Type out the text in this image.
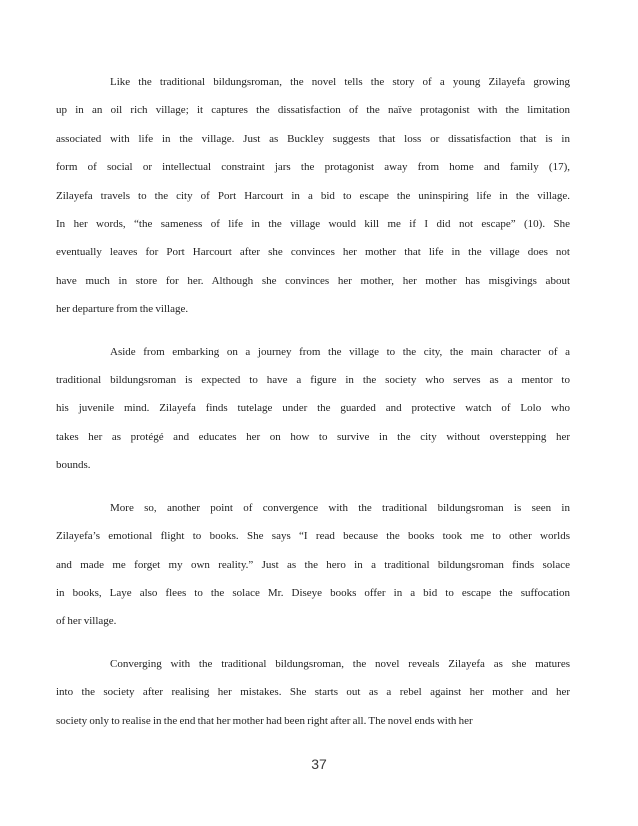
Like the traditional bildungsroman, the novel tells the story of a young Zilayefa growing
up in an oil rich village; it captures the dissatisfaction of the naïve protagonist with the limitation
associated with life in the village. Just as Buckley suggests that loss or dissatisfaction that is in
form of social or intellectual constraint jars the protagonist away from home and family (17),
Zilayefa travels to the city of Port Harcourt in a bid to escape the uninspiring life in the village.
In her words, “the sameness of life in the village would kill me if I did not escape” (10). She
eventually leaves for Port Harcourt after she convinces her mother that life in the village does not
have much in store for her. Although she convinces her mother, her mother has misgivings about
her departure from the village.
Aside from embarking on a journey from the village to the city, the main character of a
traditional bildungsroman is expected to have a figure in the society who serves as a mentor to
his juvenile mind. Zilayefa finds tutelage under the guarded and protective watch of Lolo who
takes her as protégé and educates her on how to survive in the city without overstepping her
bounds.
More so, another point of convergence with the traditional bildungsroman is seen in
Zilayefa’s emotional flight to books. She says “I read because the books took me to other worlds
and made me forget my own reality.” Just as the hero in a traditional bildungsroman finds solace
in books, Laye also flees to the solace Mr. Diseye books offer in a bid to escape the suffocation
of her village.
Converging with the traditional bildungsroman, the novel reveals Zilayefa as she matures
into the society after realising her mistakes. She starts out as a rebel against her mother and her
society only to realise in the end that her mother had been right after all. The novel ends with her
37
